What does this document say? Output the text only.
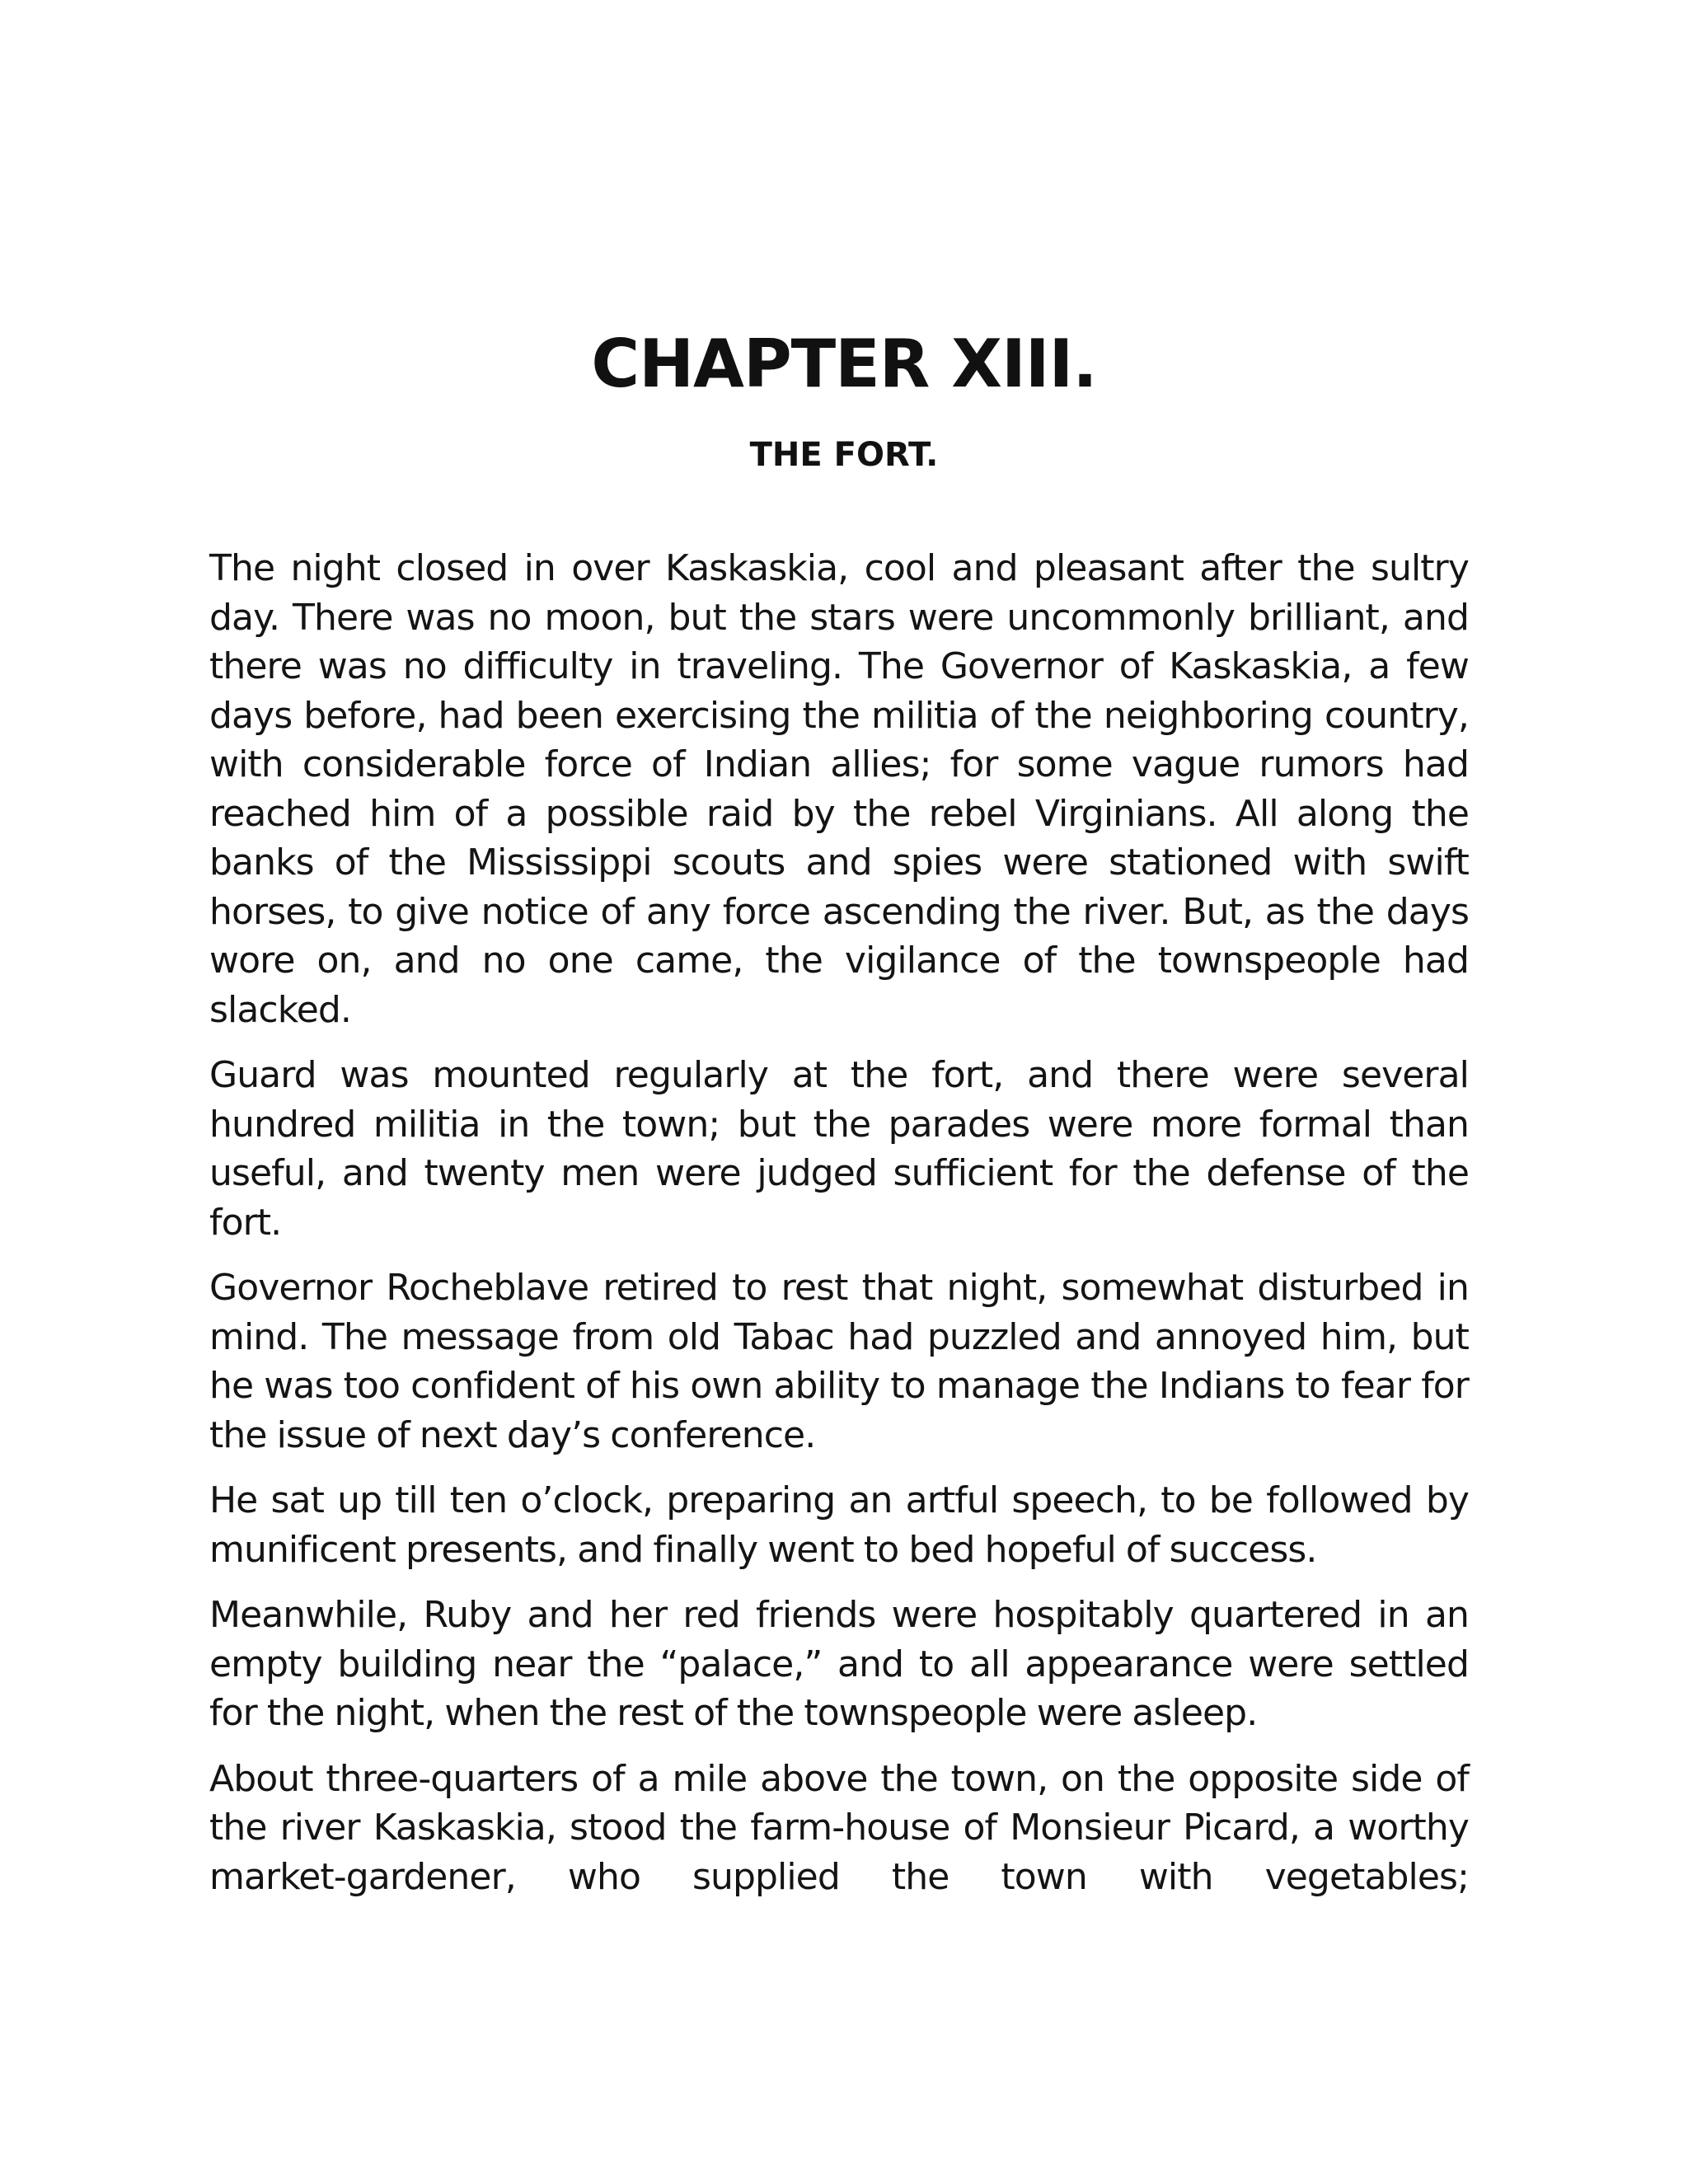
CHAPTER XIII.
THE FORT.

The night closed in over Kaskaskia, cool and pleasant after the sultry day. There was no moon, but the stars were uncommonly brilliant, and there was no difficulty in traveling. The Governor of Kaskaskia, a few days before, had been exercising the militia of the neighboring country, with considerable force of Indian allies; for some vague rumors had reached him of a possible raid by the rebel Virginians. All along the banks of the Mississippi scouts and spies were stationed with swift horses, to give notice of any force ascending the river. But, as the days wore on, and no one came, the vigilance of the townspeople had slacked.

Guard was mounted regularly at the fort, and there were several hundred militia in the town; but the parades were more formal than useful, and twenty men were judged sufficient for the defense of the fort.

Governor Rocheblave retired to rest that night, somewhat disturbed in mind. The message from old Tabac had puzzled and annoyed him, but he was too confident of his own ability to manage the Indians to fear for the issue of next day’s conference.

He sat up till ten o’clock, preparing an artful speech, to be followed by munificent presents, and finally went to bed hopeful of success.

Meanwhile, Ruby and her red friends were hospitably quartered in an empty building near the “palace,” and to all appearance were settled for the night, when the rest of the townspeople were asleep.

About three-quarters of a mile above the town, on the opposite side of the river Kaskaskia, stood the farm-house of Monsieur Picard, a worthy market-gardener, who supplied the town with vegetables;
